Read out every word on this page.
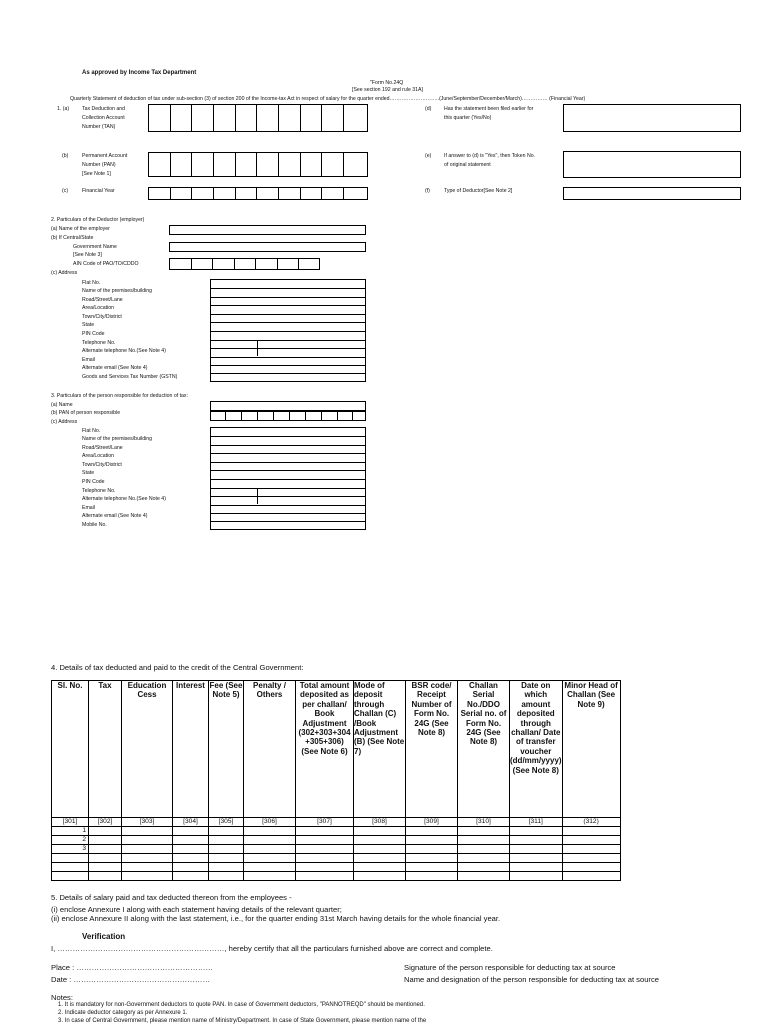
As approved by Income Tax Department
"Form No.24Q
[See section 192 and rule 31A]
Quarterly Statement of deduction of tax under sub-section (3) of section 200 of the Income-tax Act in respect of salary for the quarter ended………………………..(June/September/December/March)…………… (Financial Year)
1. (a) Tax Deduction and
Collection Account
Number (TAN)
(b)	Permanent Account
Number (PAN)
[See Note 1]
(c)	Financial Year
(d) Has the statement been filed earlier for
this quarter (Yes/No)
(e) If answer to (d) is "Yes", then Token No.
of original statement
(f)	Type of Deductor[See Note 2]
2. Particulars of the Deductor (employer)
(a) Name of the employer
(b) If Central/State
Government Name
[See Note 3]
AIN Code of PAO/TO/CDDO
(c) Address
Flat No.
Name of the premises/building
Road/Street/Lane
Area/Location
Town/City/District
State
PIN Code
Telephone No.
Alternate telephone No.(See Note 4)
Email
Alternate email (See Note 4)
Goods and Services Tax Number (GSTN)
3. Particulars of the person responsible for deduction of tax:
(a) Name
(b) PAN of person responsible
(c) Address
Flat No.
Name of the premises/building
Road/Street/Lane
Area/Location
Town/City/District
State
PIN Code
Telephone No.
Alternate telephone No.(See Note 4)
Email
Alternate email (See Note 4)
Mobile No.
4. Details of tax deducted and paid to the credit of the Central Government:
Sl. No.	Tax	Education Cess	Interest	Fee (See Note 5)	Penalty / Others	Total amount deposited as per challan/ Book Adjustment (302+303+304 +305+306) (See Note 6)	Mode of deposit through Challan (C) /Book Adjustment (B) (See Note 7)	BSR code/ Receipt Number of Form No. 24G (See Note 8)	Challan Serial No./DDO Serial no. of Form No. 24G (See Note 8)	Date on which amount deposited through challan/ Date of transfer voucher (dd/mm/yyyy) (See Note 8)	Minor Head of Challan (See Note 9)
[301]	[302]	[303]	[304]	[305]	[306]	[307]	[308]	[309]	[310]	[311]	(312)
1											
2											
3											

5. Details of salary paid and tax deducted thereon from the employees -
(i) enclose Annexure I along with each statement having details of the relevant quarter;
(ii) enclose Annexure II along with the last statement, i.e., for the quarter ending 31st March having details for the whole financial year.
Verification
I, …………………………………………………………, hereby certify that all the particulars furnished above are correct and complete.
Place : ………………………………………………
Date : ………………………………………………
Signature of the person responsible for deducting tax at source
Name and designation of the person responsible for deducting tax at source
Notes:
1. It is mandatory for non-Government deductors to quote PAN. In case of Government deductors, "PANNOTREQD" should be mentioned.
2. Indicate deductor category as per Annexure 1.
3. In case of Central Government, please mention name of Ministry/Department. In case of State Government, please mention name of the
